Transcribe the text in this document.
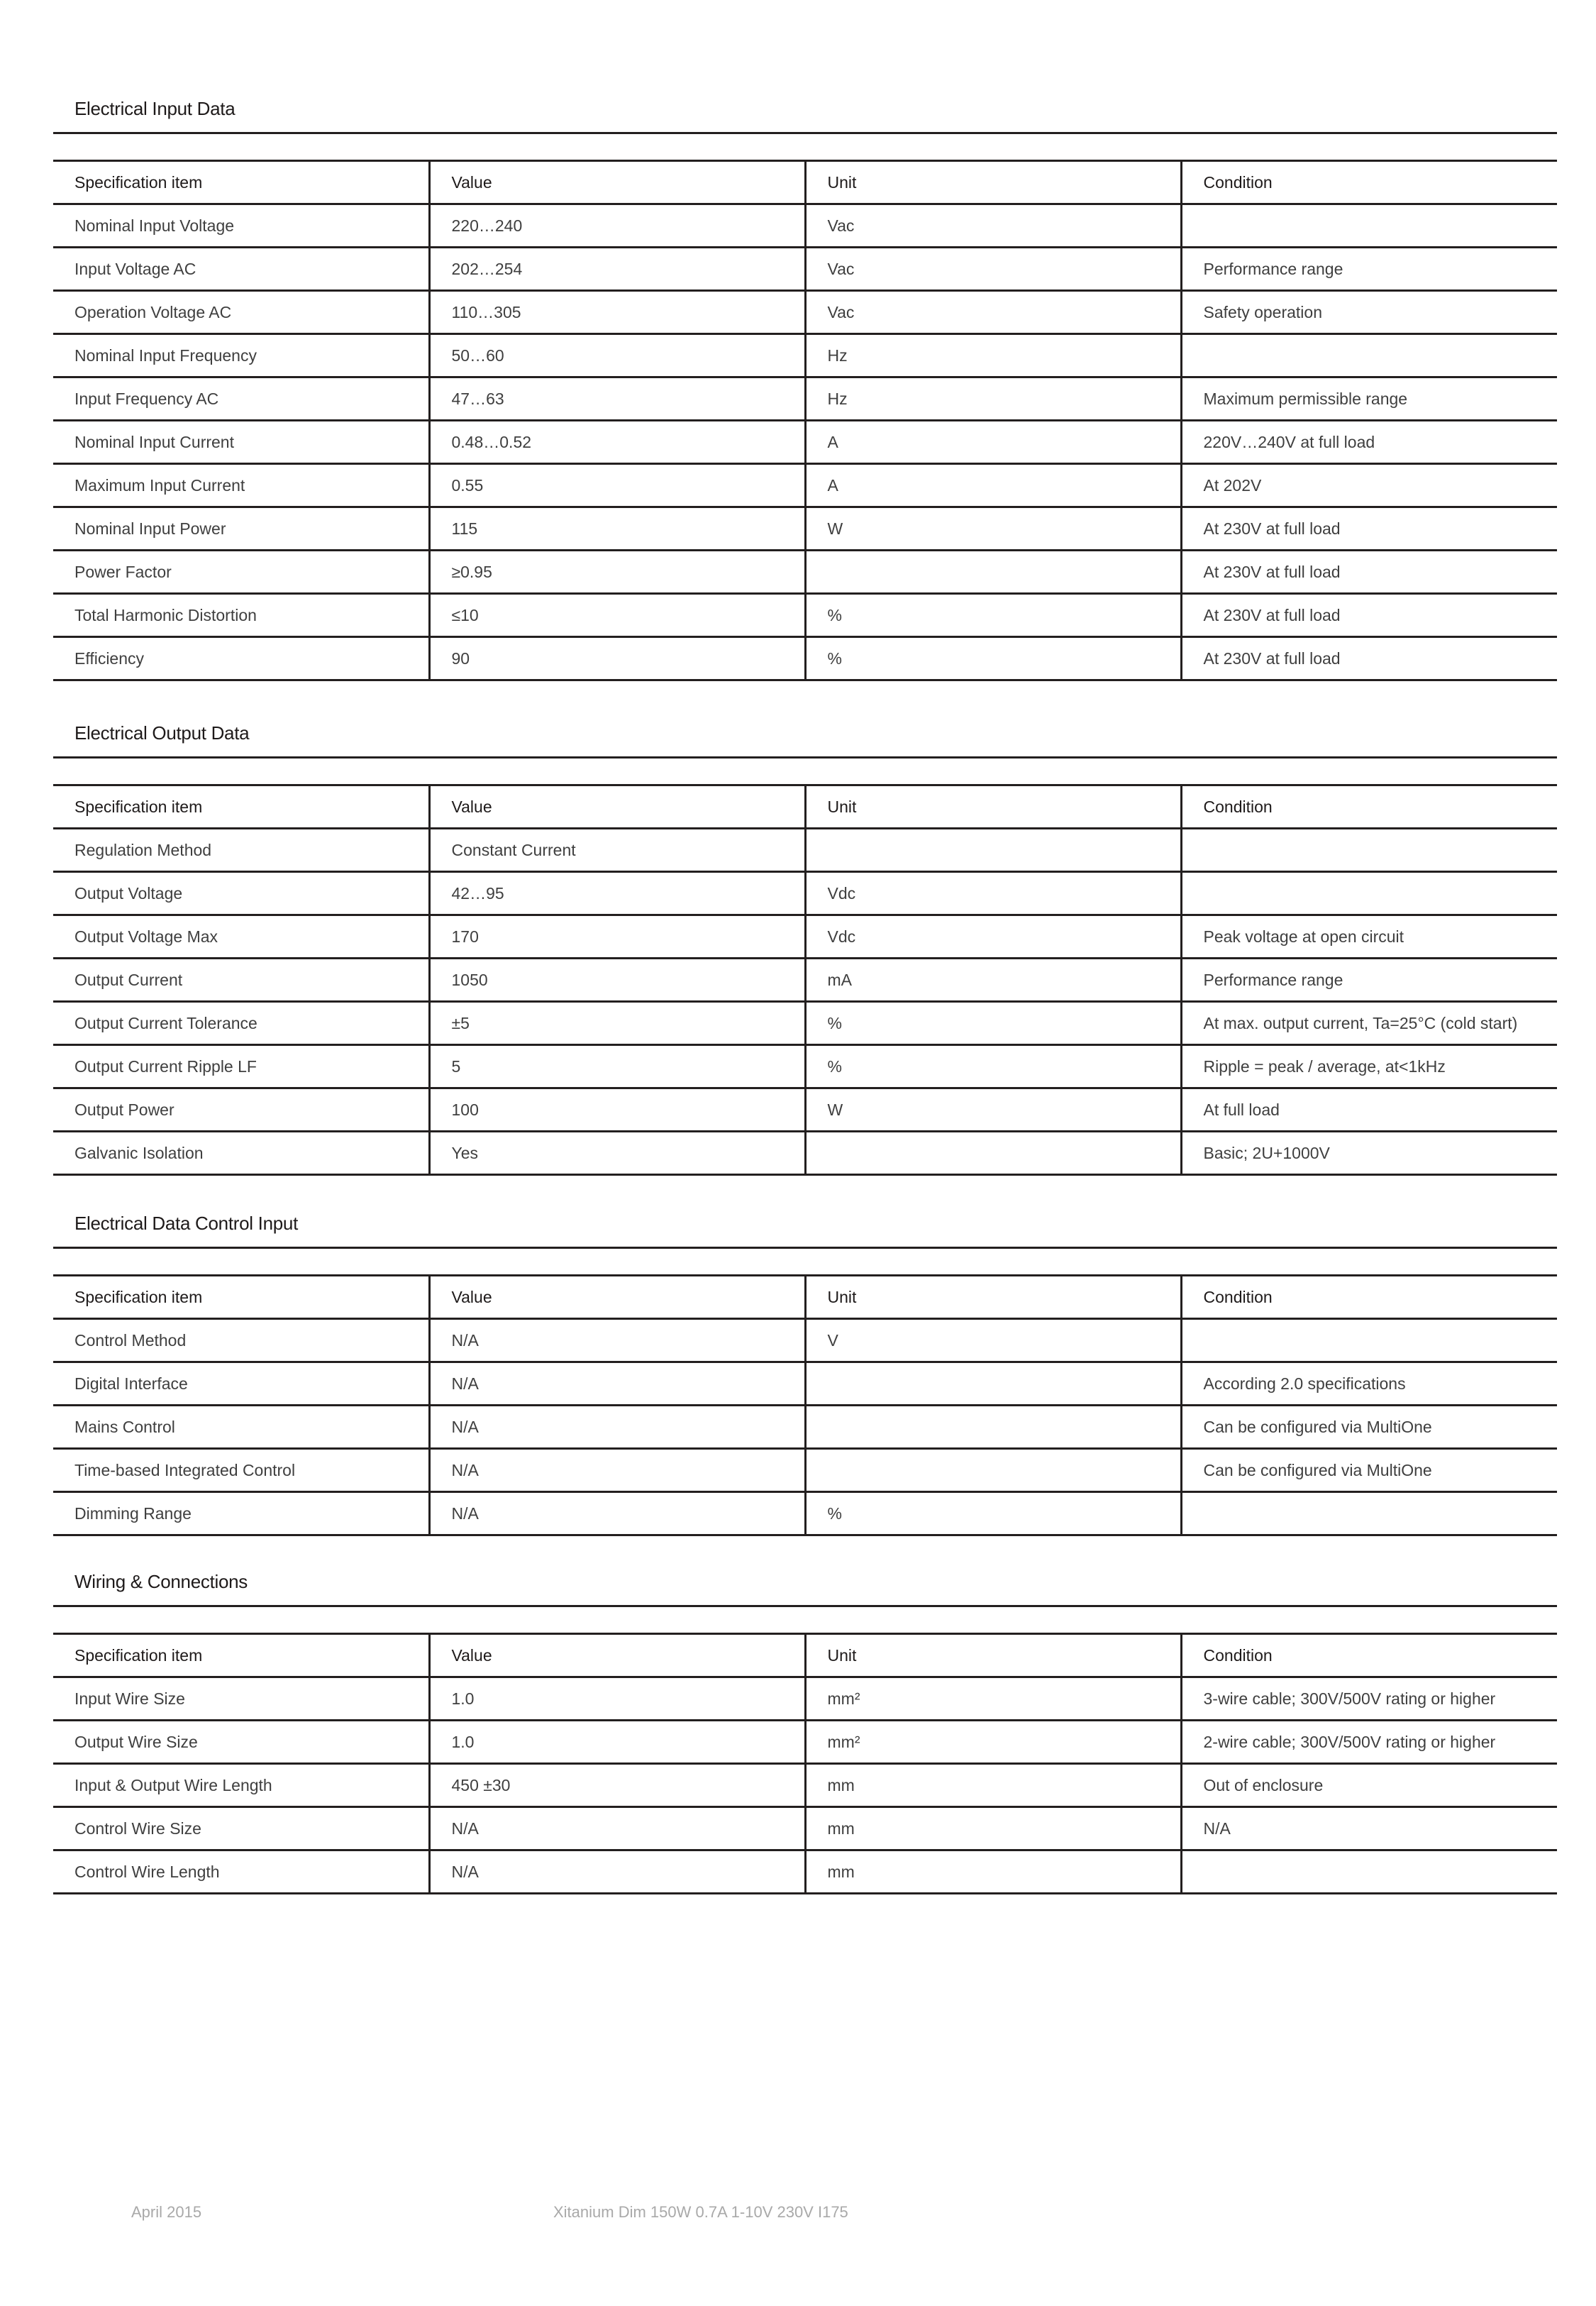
Electrical Input Data
Specification item	Value	Unit	Condition
Nominal Input Voltage	220…240	Vac	
Input Voltage AC	202…254	Vac	Performance range
Operation Voltage AC	110…305	Vac	Safety operation
Nominal Input Frequency	50…60	Hz	
Input Frequency AC	47…63	Hz	Maximum permissible range
Nominal Input Current	0.48…0.52	A	220V…240V at full load
Maximum Input Current	0.55	A	At 202V
Nominal Input Power	115	W	At 230V at full load
Power Factor	≥0.95		At 230V at full load
Total Harmonic Distortion	≤10	%	At 230V at full load
Efficiency	90	%	At 230V at full load
Electrical Output Data
Specification item	Value	Unit	Condition
Regulation Method	Constant Current		
Output Voltage	42…95	Vdc	
Output Voltage Max	170	Vdc	Peak voltage at open circuit
Output Current	1050	mA	Performance range
Output Current Tolerance	±5	%	At max. output current, Ta=25°C (cold start)
Output Current Ripple LF	5	%	Ripple = peak / average, at<1kHz
Output Power	100	W	At full load
Galvanic Isolation	Yes		Basic; 2U+1000V
Electrical Data Control Input
Specification item	Value	Unit	Condition
Control Method	N/A	V	
Digital Interface	N/A		According 2.0 specifications
Mains Control	N/A		Can be configured via MultiOne
Time-based Integrated Control	N/A		Can be configured via MultiOne
Dimming Range	N/A	%	
Wiring & Connections
Specification item	Value	Unit	Condition
Input Wire Size	1.0	mm²	3-wire cable; 300V/500V rating or higher
Output Wire Size	1.0	mm²	2-wire cable; 300V/500V rating or higher
Input & Output Wire Length	450 ±30	mm	Out of enclosure
Control Wire Size	N/A	mm	N/A
Control Wire Length	N/A	mm	
April 2015	Xitanium Dim 150W 0.7A 1-10V 230V I175
